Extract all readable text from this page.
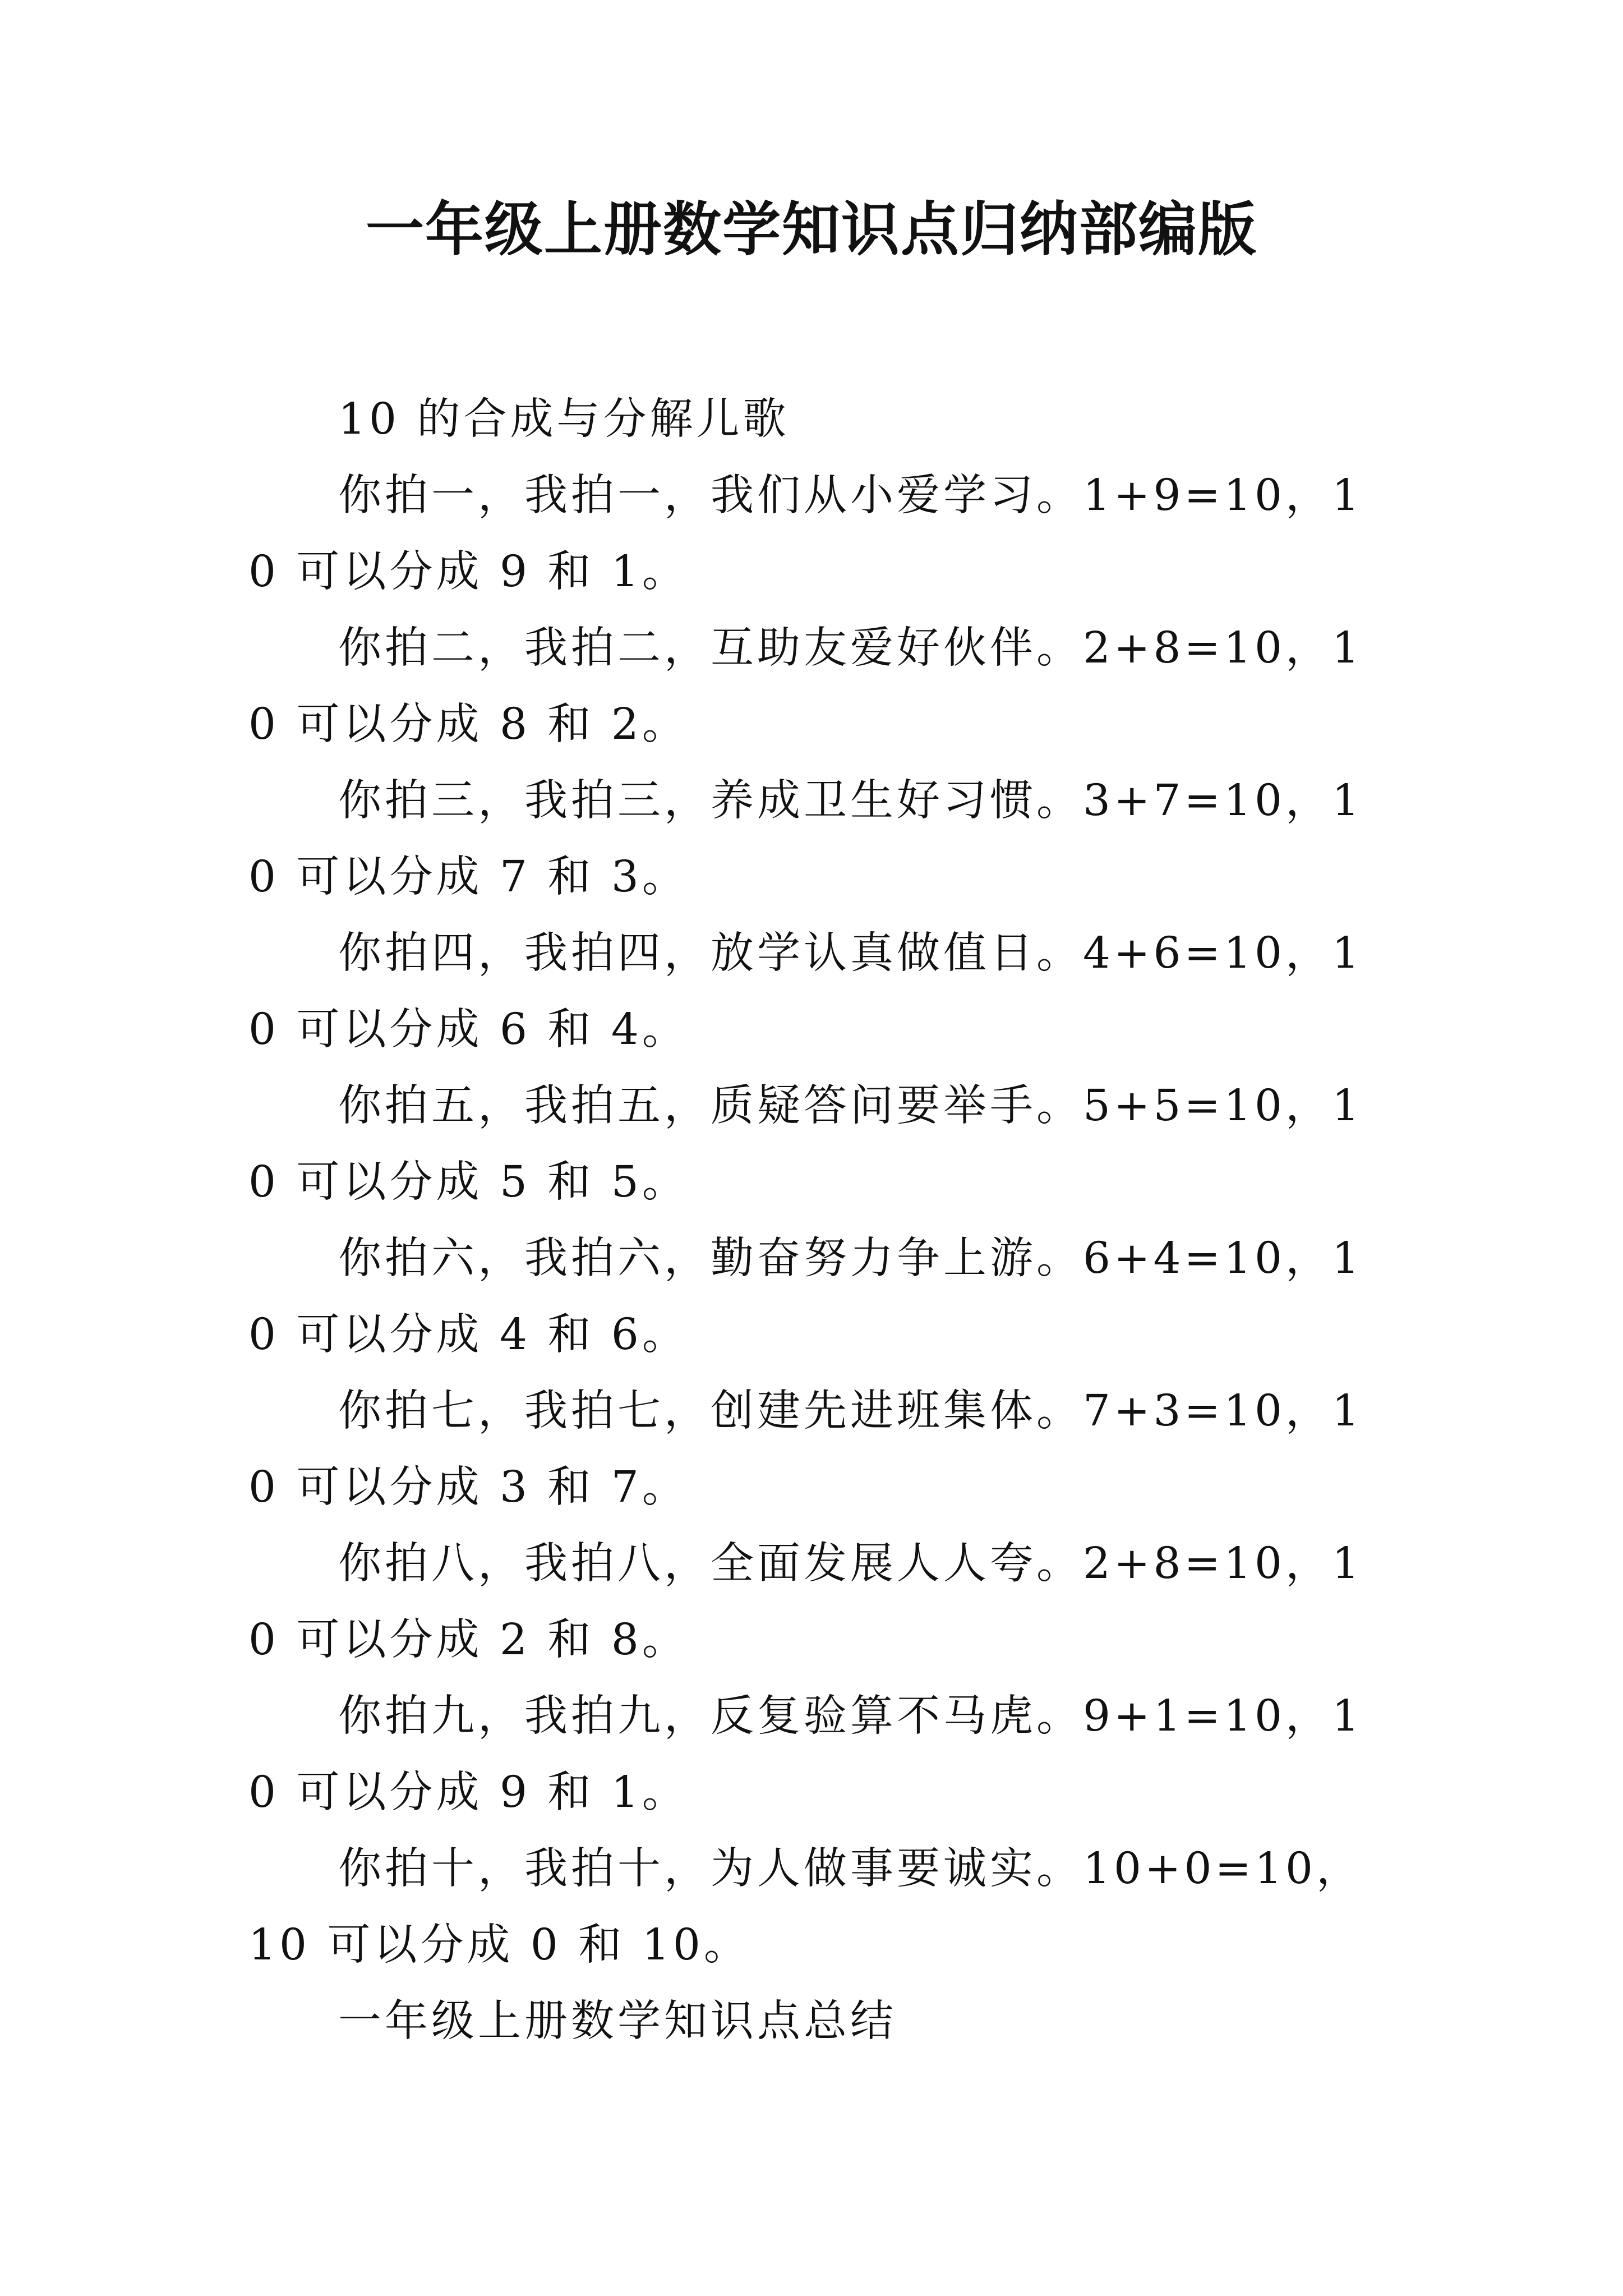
一年级上册数学知识点归纳部编版

10 的合成与分解儿歌

你拍一，我拍一，我们从小爱学习。1+9=10，10 可以分成 9 和 1。

你拍二，我拍二，互助友爱好伙伴。2+8=10，10 可以分成 8 和 2。

你拍三，我拍三，养成卫生好习惯。3+7=10，10 可以分成 7 和 3。

你拍四，我拍四，放学认真做值日。4+6=10，10 可以分成 6 和 4。

你拍五，我拍五，质疑答问要举手。5+5=10，10 可以分成 5 和 5。

你拍六，我拍六，勤奋努力争上游。6+4=10，10 可以分成 4 和 6。

你拍七，我拍七，创建先进班集体。7+3=10，10 可以分成 3 和 7。

你拍八，我拍八，全面发展人人夸。2+8=10，10 可以分成 2 和 8。

你拍九，我拍九，反复验算不马虎。9+1=10，10 可以分成 9 和 1。

你拍十，我拍十，为人做事要诚实。10+0=10，10 可以分成 0 和 10。

一年级上册数学知识点总结
